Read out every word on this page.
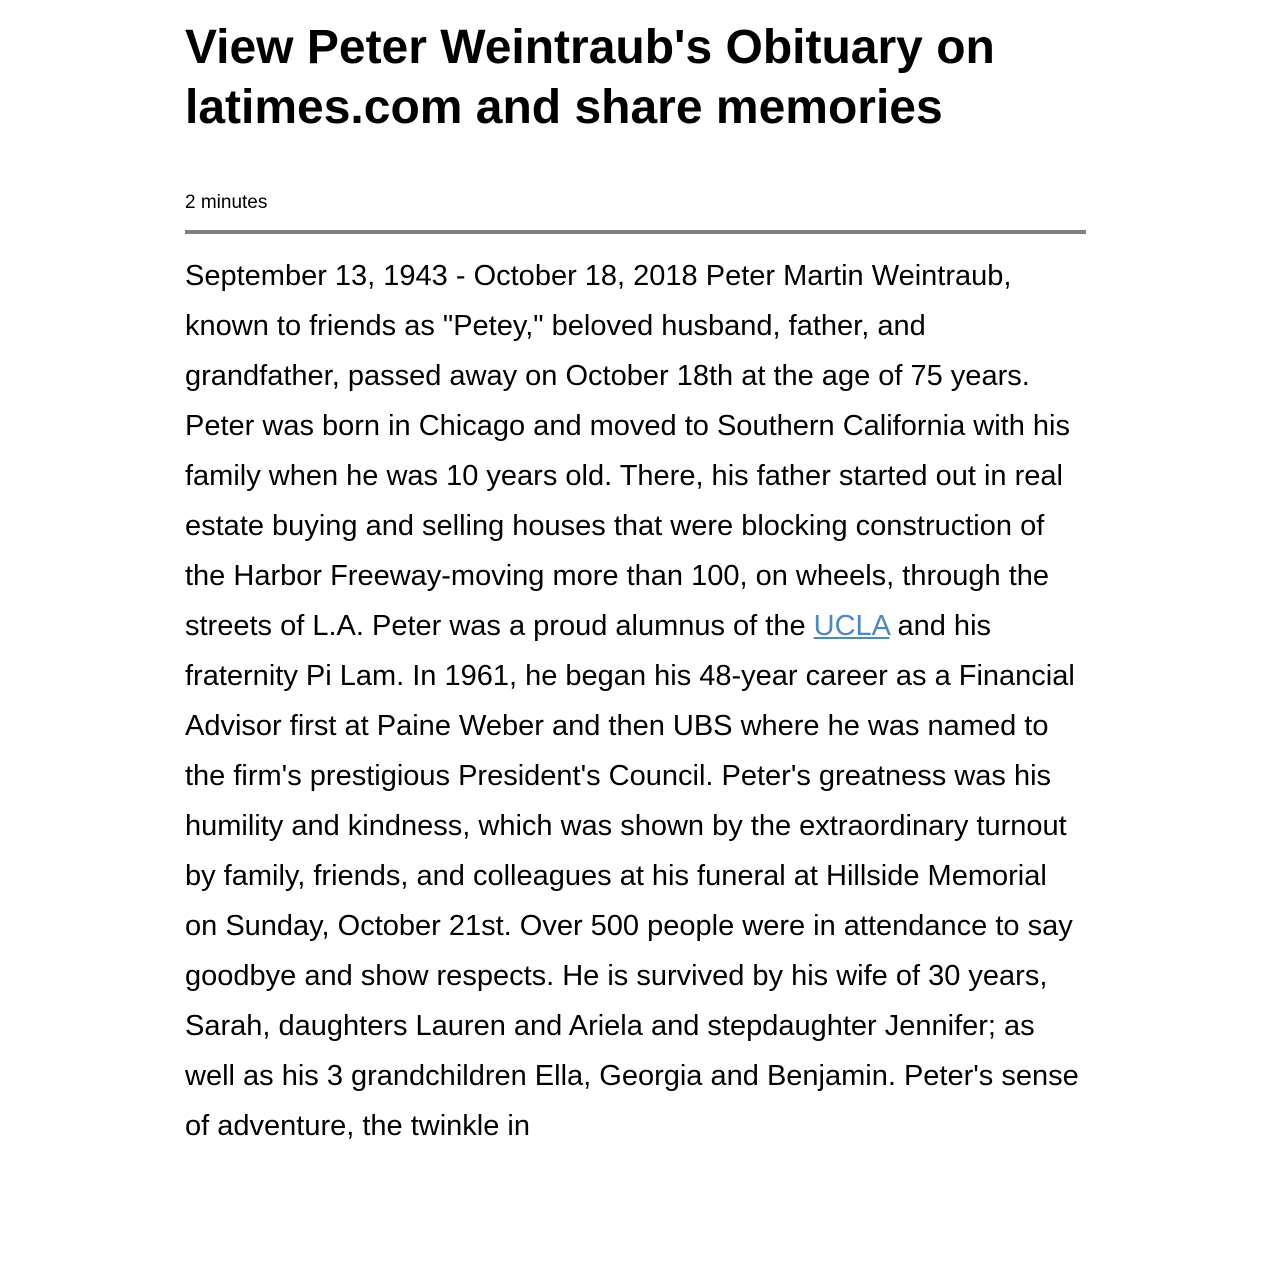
View Peter Weintraub's Obituary on latimes.com and share memories
2 minutes
September 13, 1943 - October 18, 2018 Peter Martin Weintraub, known to friends as "Petey," beloved husband, father, and grandfather, passed away on October 18th at the age of 75 years. Peter was born in Chicago and moved to Southern California with his family when he was 10 years old. There, his father started out in real estate buying and selling houses that were blocking construction of the Harbor Freeway-moving more than 100, on wheels, through the streets of L.A. Peter was a proud alumnus of the UCLA and his fraternity Pi Lam. In 1961, he began his 48-year career as a Financial Advisor first at Paine Weber and then UBS where he was named to the firm's prestigious President's Council. Peter's greatness was his humility and kindness, which was shown by the extraordinary turnout by family, friends, and colleagues at his funeral at Hillside Memorial on Sunday, October 21st. Over 500 people were in attendance to say goodbye and show respects. He is survived by his wife of 30 years, Sarah, daughters Lauren and Ariela and stepdaughter Jennifer; as well as his 3 grandchildren Ella, Georgia and Benjamin. Peter's sense of adventure, the twinkle in
